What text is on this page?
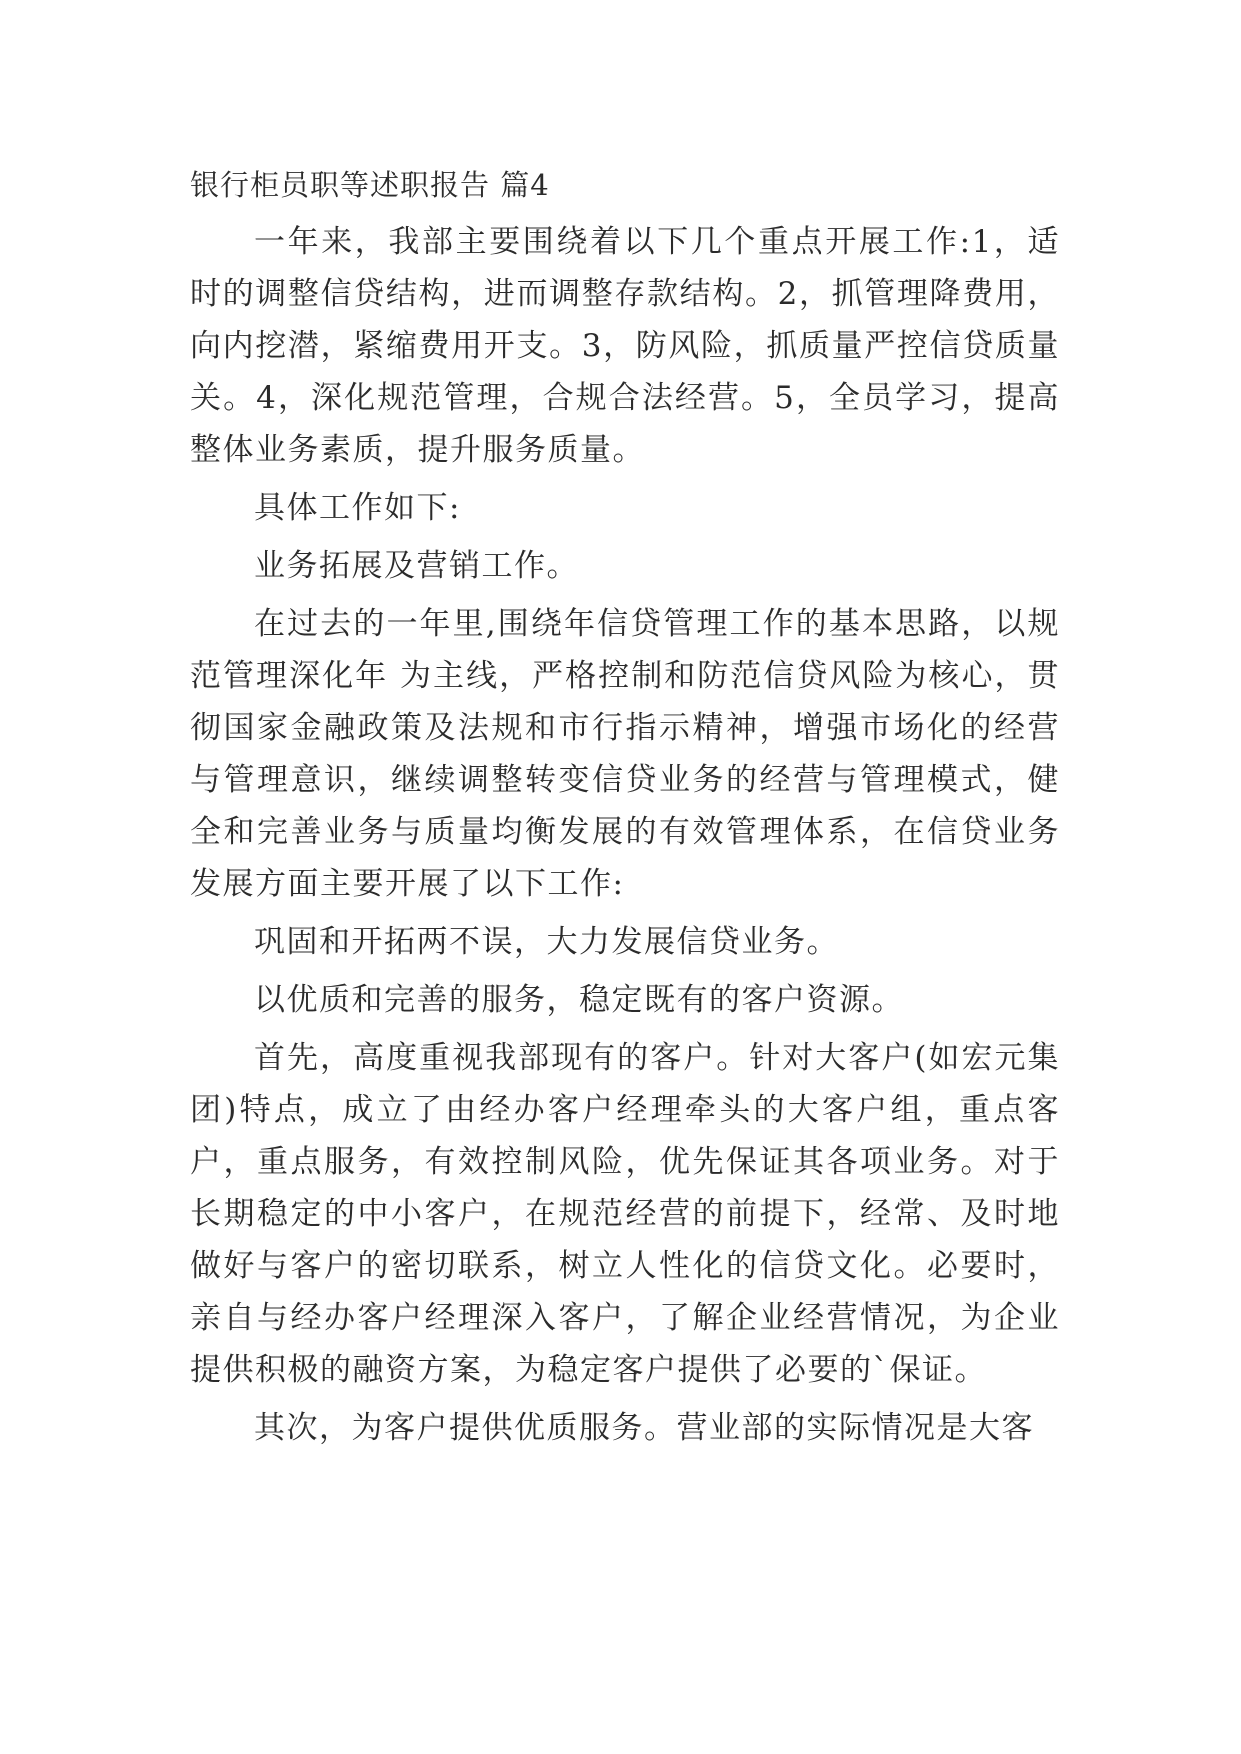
银行柜员职等述职报告 篇4

一年来，我部主要围绕着以下几个重点开展工作:1，适时的调整信贷结构，进而调整存款结构。2，抓管理降费用，向内挖潜，紧缩费用开支。3，防风险，抓质量严控信贷质量关。4，深化规范管理，合规合法经营。5，全员学习，提高整体业务素质，提升服务质量。

具体工作如下:

业务拓展及营销工作。

在过去的一年里,围绕年信贷管理工作的基本思路，以规范管理深化年 为主线，严格控制和防范信贷风险为核心，贯彻国家金融政策及法规和市行指示精神，增强市场化的经营与管理意识，继续调整转变信贷业务的经营与管理模式，健全和完善业务与质量均衡发展的有效管理体系，在信贷业务发展方面主要开展了以下工作:

巩固和开拓两不误，大力发展信贷业务。

以优质和完善的服务，稳定既有的客户资源。

首先，高度重视我部现有的客户。针对大客户(如宏元集团)特点，成立了由经办客户经理牵头的大客户组，重点客户，重点服务，有效控制风险，优先保证其各项业务。对于长期稳定的中小客户，在规范经营的前提下，经常、及时地做好与客户的密切联系，树立人性化的信贷文化。必要时，亲自与经办客户经理深入客户，了解企业经营情况，为企业提供积极的融资方案，为稳定客户提供了必要的`保证。

其次，为客户提供优质服务。营业部的实际情况是大客
